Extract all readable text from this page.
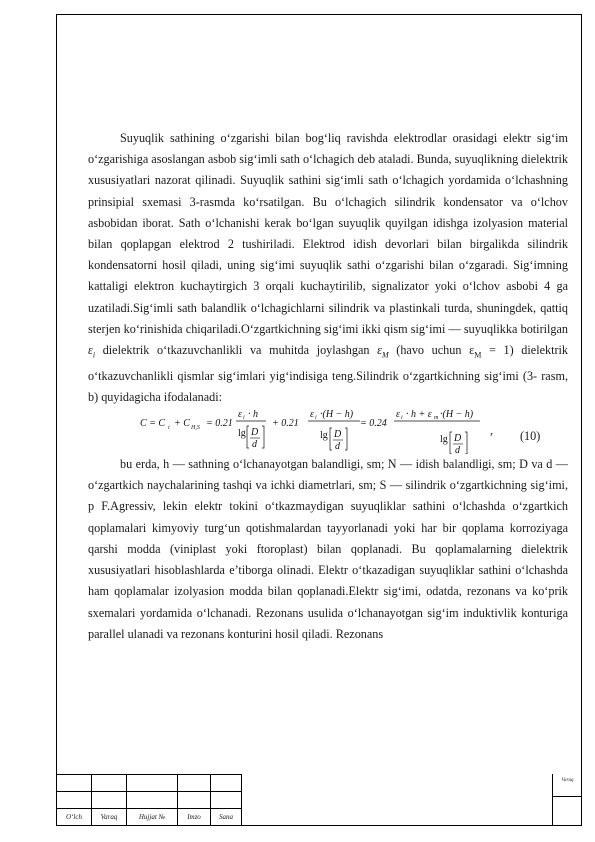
Suyuqlik sathining o‘zgarishi bilan bog‘liq ravishda elektrodlar orasidagi elektr sig‘im o‘zgarishiga asoslangan asbob sig‘imli sath o‘lchagich deb ataladi. Bunda, suyuqlikning dielektrik xususiyatlari nazorat qilinadi. Suyuqlik sathini sig‘imli sath o‘lchagich yordamida o‘lchashning prinsipial sxemasi 3-rasmda ko‘rsatilgan. Bu o‘lchagich silindrik kondensator va o‘lchov asbobidan iborat. Sath o‘lchanishi kerak bo‘lgan suyuqlik quyilgan idishga izolyasion material bilan qoplapgan elektrod 2 tushiriladi. Elektrod idish devorlari bilan birgalikda silindrik kondensatorni hosil qiladi, uning sig‘imi suyuqlik sathi o‘zgarishi bilan o‘zgaradi. Sig‘imning kattaligi elektron kuchaytirgich 3 orqali kuchaytirilib, signalizator yoki o‘lchov asbobi 4 ga uzatiladi.Sig‘imli sath balandlik o‘lchagichlarni silindrik va plastinkali turda, shuningdek, qattiq sterjen ko‘rinishida chiqariladi.O‘zgartkichning sig‘imi ikki qism sig‘imi — suyuqlikka botirilgan $\varepsilon_i$ dielektrik o‘tkazuvchanlikli va muhitda joylashgan $\varepsilon_M$ (havo uchun $\varepsilon_M = 1$) dielektrik o‘tkazuvchanlikli qismlar sig‘imlari yig‘indisiga teng.Silindrik o‘zgartkichning sig‘imi (3- rasm, b) quyidagicha ifodalanadi:

C = C i + C H,S = 0.21
ε i · h
lg D
d
+ 0.21
ε i ·(H − h)
lg D
d
= 0.24
ε i · h + ε m ·(H − h)
lg D
d
, (10)

bu erda, h — sathning o‘lchanayotgan balandligi, sm; N — idish balandligi, sm; D va d — o‘zgartkich naychalarining tashqi va ichki diametrlari, sm; S — silindrik o‘zgartkichning sig‘imi, p F.Agressiv, lekin elektr tokini o‘tkazmaydigan suyuqliklar sathini o‘lchashda o‘zgartkich qoplamalari kimyoviy turg‘un qotishmalardan tayyorlanadi yoki har bir qoplama korroziyaga qarshi modda (viniplast yoki ftoroplast) bilan qoplanadi. Bu qoplamalarning dielektrik xususiyatlari hisoblashlarda e’tiborga olinadi. Elektr o‘tkazadigan suyuqliklar sathini o‘lchashda ham qoplamalar izolyasion modda bilan qoplanadi.Elektr sig‘imi, odatda, rezonans va ko‘prik sxemalari yordamida o‘lchanadi. Rezonans usulida o‘lchanayotgan sig‘im induktivlik konturiga parallel ulanadi va rezonans konturini hosil qiladi. Rezonans

O‘lch	Varaq	Hujjat №	Imzo	Sana
Varaq
